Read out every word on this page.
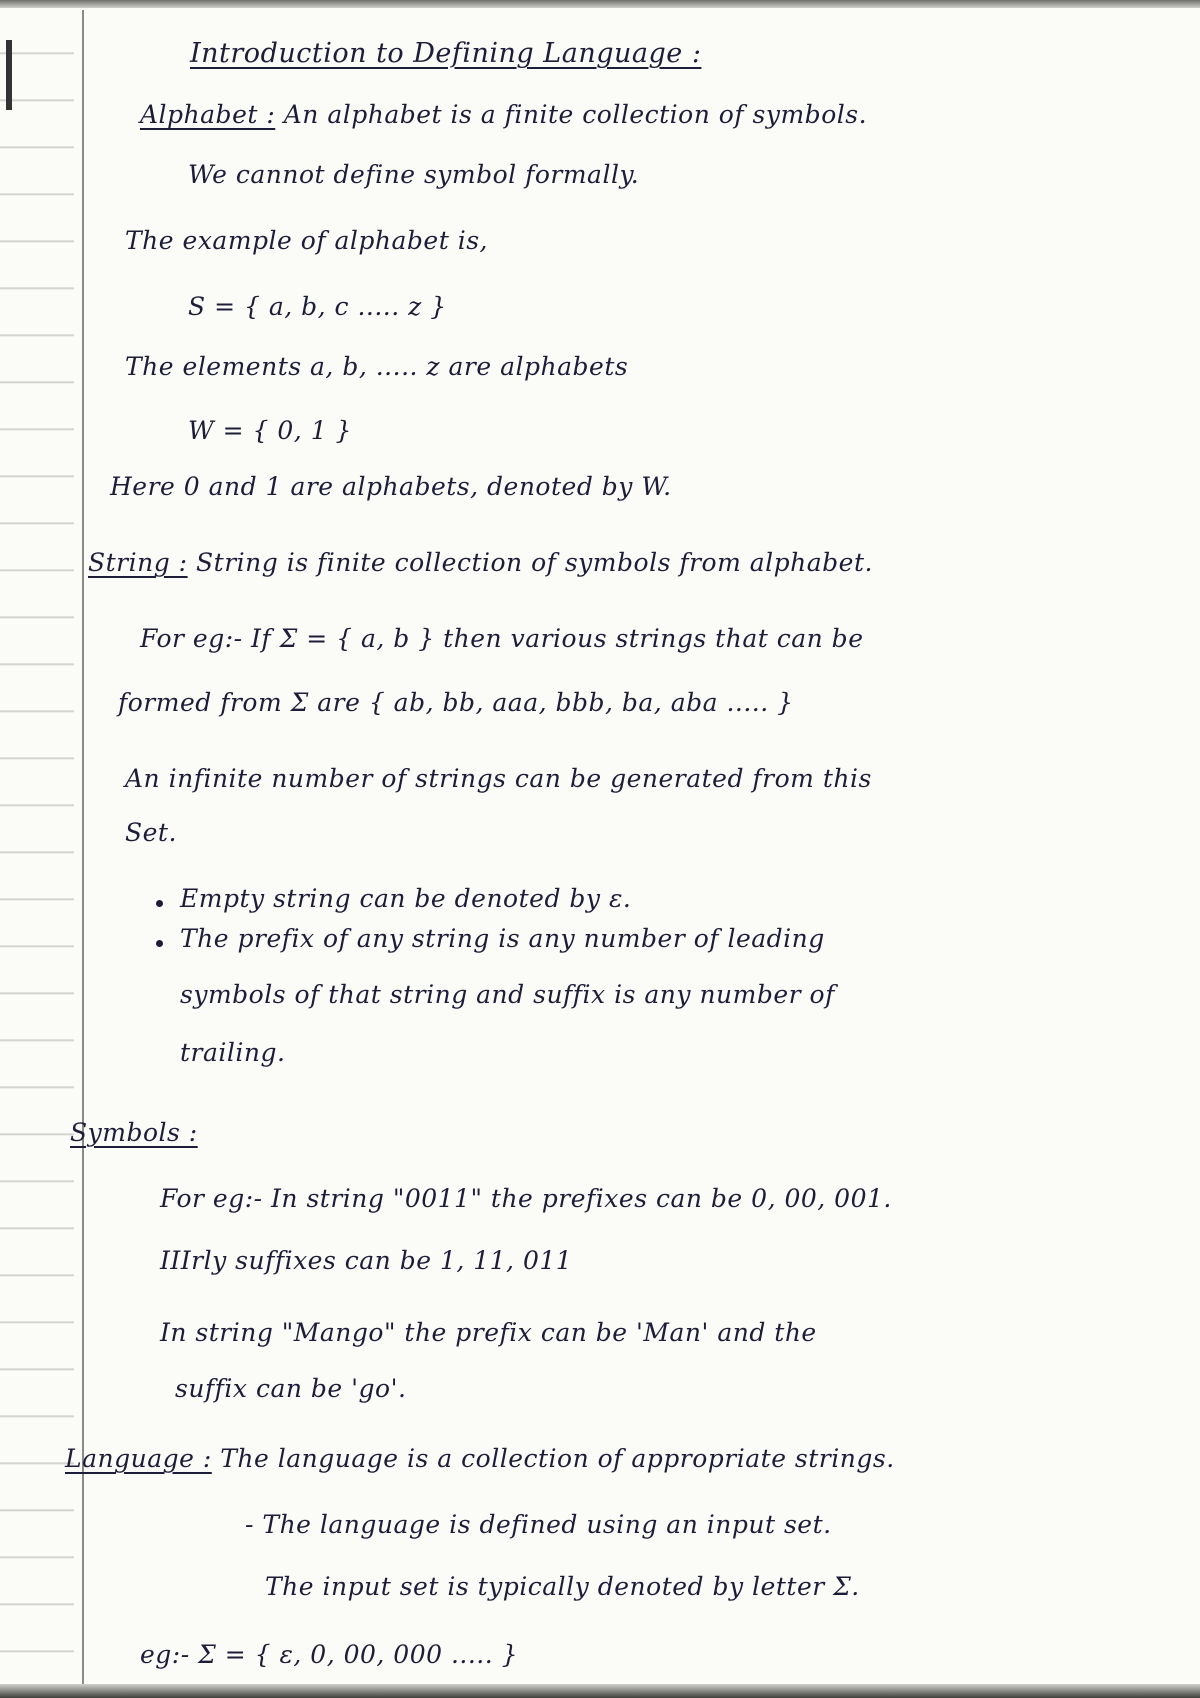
Introduction to Defining Language :
Alphabet : An alphabet is a finite collection of symbols.
We cannot define symbol formally.
The example of alphabet is,
S = { a, b, c ..... z }
The elements a, b, ..... z are alphabets
W = { 0, 1 }
Here 0 and 1 are alphabets, denoted by W.
String : String is finite collection of symbols from alphabet.
For eg:- If Σ = { a, b } then various strings that can be
formed from Σ are { ab, bb, aaa, bbb, ba, aba ..... }
An infinite number of strings can be generated from this
Set.
Empty string can be denoted by ε.
The prefix of any string is any number of leading
symbols of that string and suffix is any number of
trailing.
Symbols :
For eg:- In string "0011" the prefixes can be 0, 00, 001.
IIIrly suffixes can be 1, 11, 011
In string "Mango" the prefix can be 'Man' and the
suffix can be 'go'.
Language : The language is a collection of appropriate strings.
- The language is defined using an input set.
The input set is typically denoted by letter Σ.
eg:- Σ = { ε, 0, 00, 000 ..... }
